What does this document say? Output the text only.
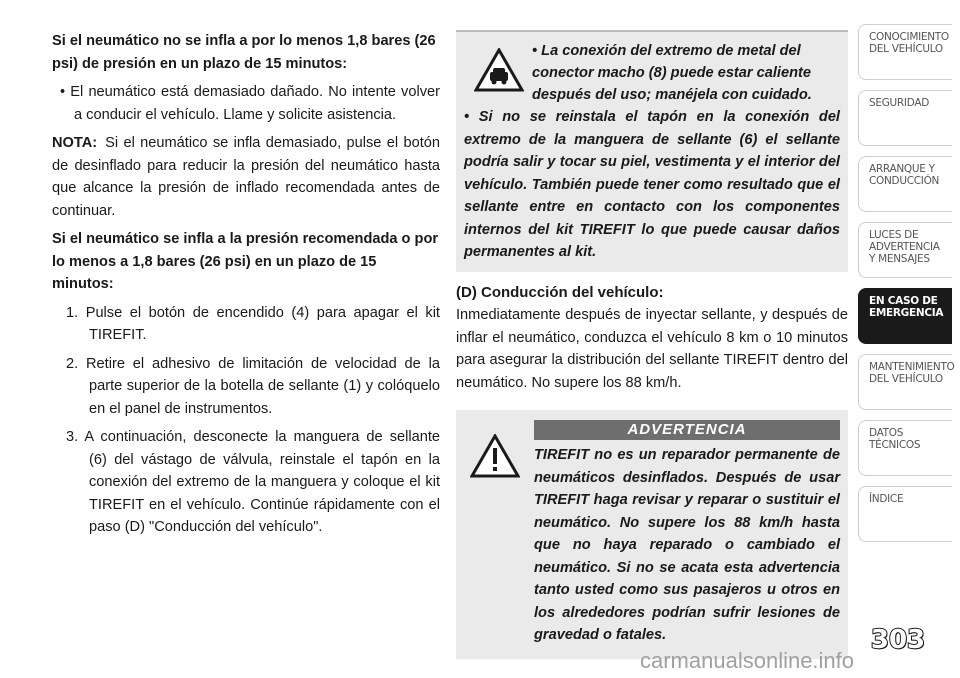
Si el neumático no se infla a por lo menos 1,8 bares (26 psi) de presión en un plazo de 15 minutos:

• El neumático está demasiado dañado. No intente volver a conducir el vehículo. Llame y solicite asistencia.

NOTA: Si el neumático se infla demasiado, pulse el botón de desinflado para reducir la presión del neumático hasta que alcance la presión de inflado recomendada antes de continuar.

Si el neumático se infla a la presión recomendada o por lo menos a 1,8 bares (26 psi) en un plazo de 15 minutos:

1. Pulse el botón de encendido (4) para apagar el kit TIREFIT.

2. Retire el adhesivo de limitación de velocidad de la parte superior de la botella de sellante (1) y colóquelo en el panel de instrumentos.

3. A continuación, desconecte la manguera de sellante (6) del vástago de válvula, reinstale el tapón en la conexión del extremo de la manguera y coloque el kit TIREFIT en el vehículo. Continúe rápidamente con el paso (D) "Conducción del vehículo".

• La conexión del extremo de metal del conector macho (8) puede estar caliente después del uso; manéjela con cuidado.
• Si no se reinstala el tapón en la conexión del extremo de la manguera de sellante (6) el sellante podría salir y tocar su piel, vestimenta y el interior del vehículo. También puede tener como resultado que el sellante entre en contacto con los componentes internos del kit TIREFIT lo que puede causar daños permanentes al kit.

(D) Conducción del vehículo:

Inmediatamente después de inyectar sellante, y después de inflar el neumático, conduzca el vehículo 8 km o 10 minutos para asegurar la distribución del sellante TIREFIT dentro del neumático. No supere los 88 km/h.

ADVERTENCIA
TIREFIT no es un reparador permanente de neumáticos desinflados. Después de usar TIREFIT haga revisar y reparar o sustituir el neumático. No supere los 88 km/h hasta que no haya reparado o cambiado el neumático. Si no se acata esta advertencia tanto usted como sus pasajeros u otros en los alrededores podrían sufrir lesiones de gravedad o fatales.
CONOCIMIENTO DEL VEHÍCULO
SEGURIDAD
ARRANQUE Y CONDUCCIÓN
LUCES DE ADVERTENCIA Y MENSAJES
EN CASO DE EMERGENCIA
MANTENIMIENTO DEL VEHÍCULO
DATOS TÉCNICOS
ÍNDICE
303
carmanualsonline.info
